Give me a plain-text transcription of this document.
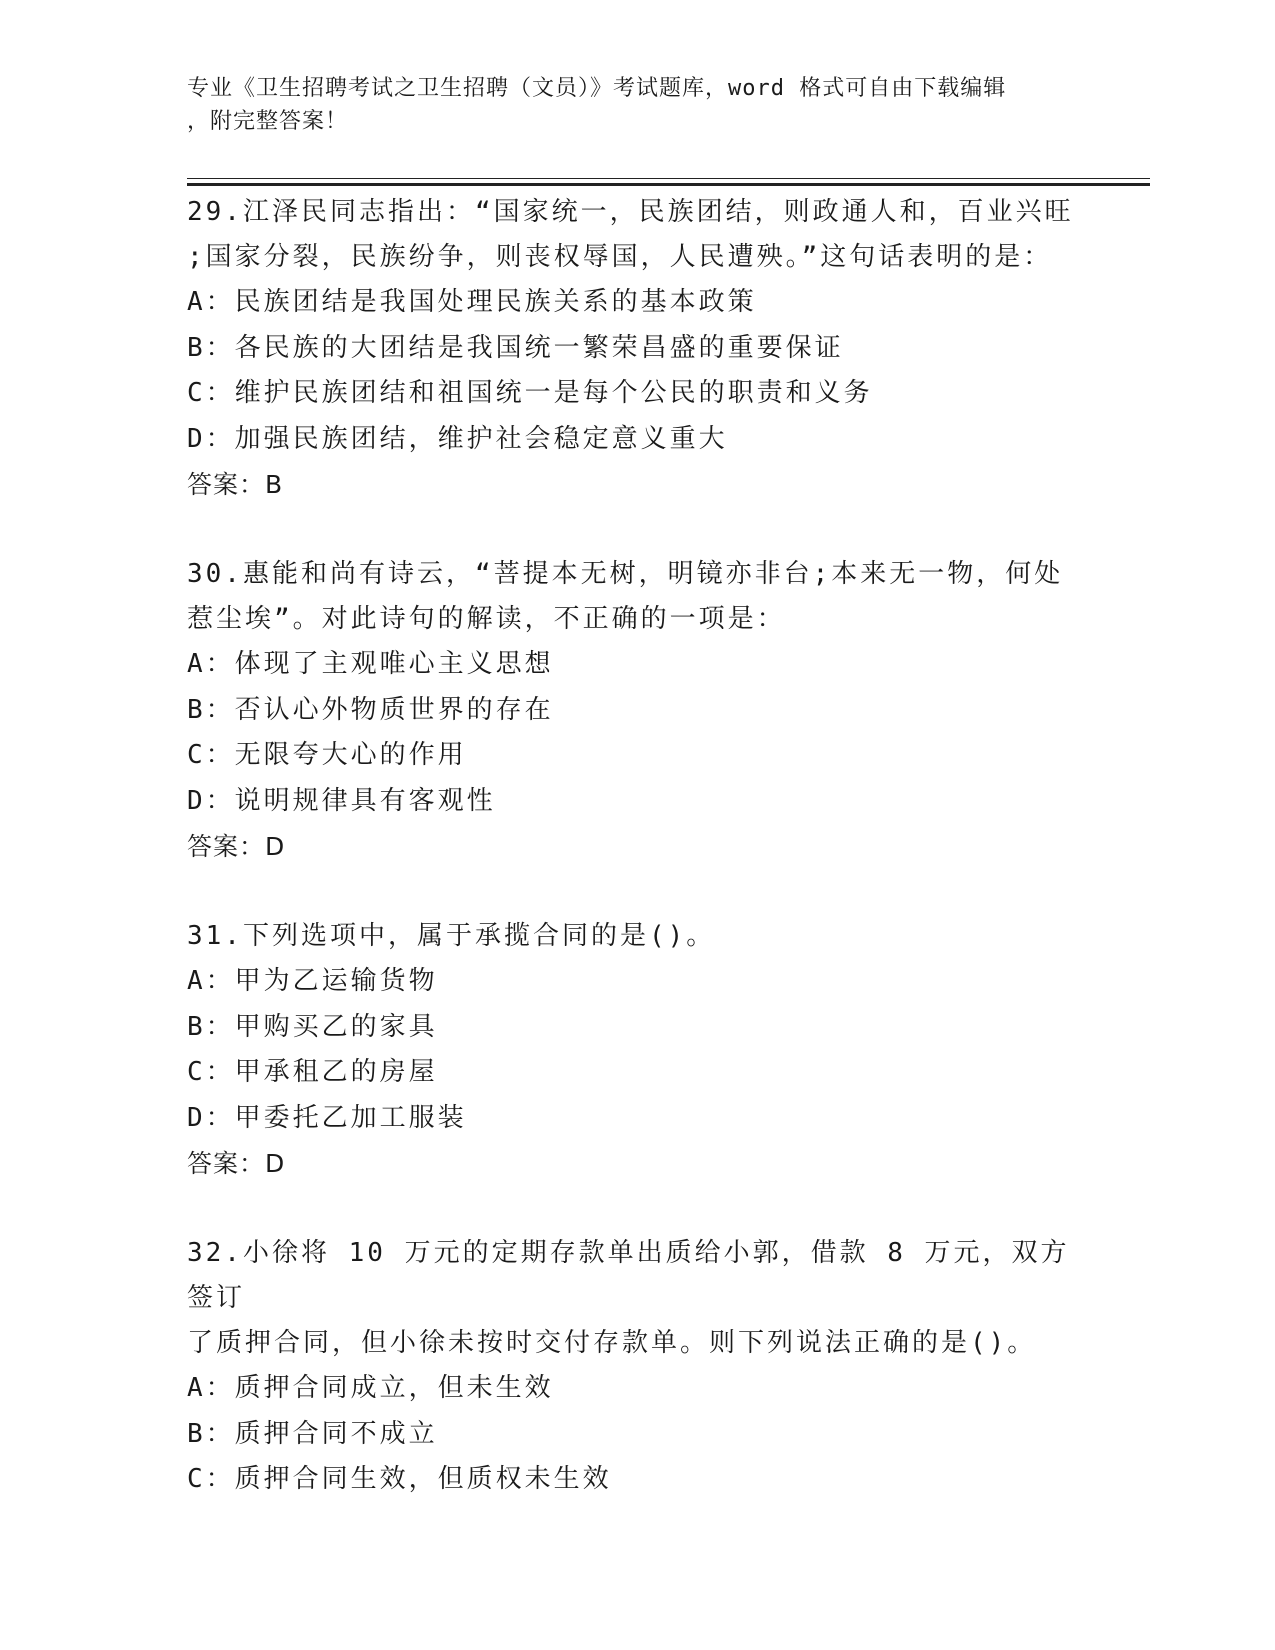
专业《卫生招聘考试之卫生招聘（文员）》考试题库，word 格式可自由下载编辑
，附完整答案！
29.江泽民同志指出：“国家统一，民族团结，则政通人和，百业兴旺
;国家分裂，民族纷争，则丧权辱国，人民遭殃。”这句话表明的是：
A：民族团结是我国处理民族关系的基本政策
B：各民族的大团结是我国统一繁荣昌盛的重要保证
C：维护民族团结和祖国统一是每个公民的职责和义务
D：加强民族团结，维护社会稳定意义重大
答案：B
30.惠能和尚有诗云，“菩提本无树，明镜亦非台;本来无一物，何处
惹尘埃”。对此诗句的解读，不正确的一项是：
A：体现了主观唯心主义思想
B：否认心外物质世界的存在
C：无限夸大心的作用
D：说明规律具有客观性
答案：D
31.下列选项中，属于承揽合同的是()。
A：甲为乙运输货物
B：甲购买乙的家具
C：甲承租乙的房屋
D：甲委托乙加工服装
答案：D
32.小徐将 10 万元的定期存款单出质给小郭，借款 8 万元，双方签订
了质押合同，但小徐未按时交付存款单。则下列说法正确的是()。
A：质押合同成立，但未生效
B：质押合同不成立
C：质押合同生效，但质权未生效
